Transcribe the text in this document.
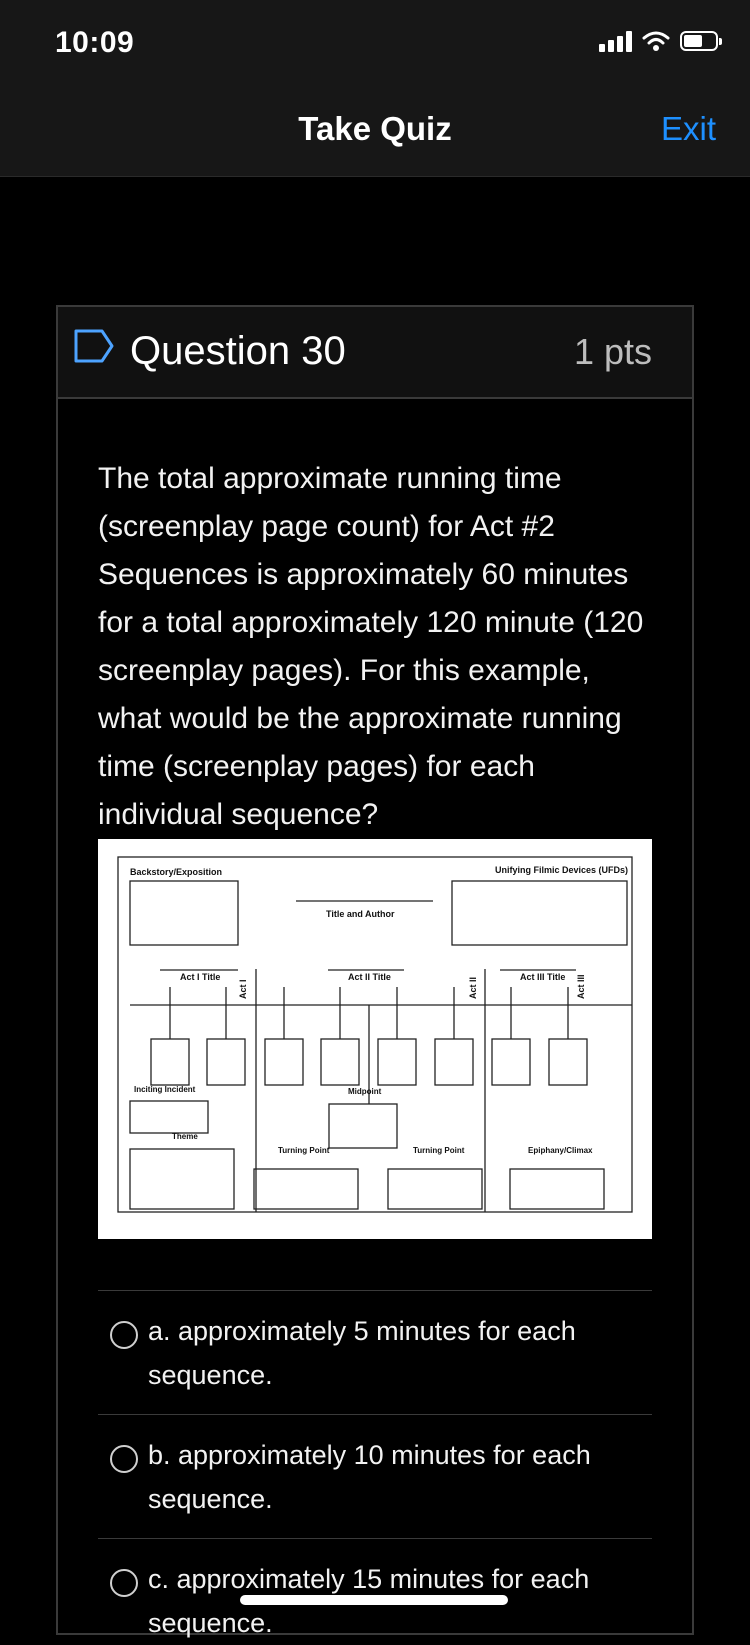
10:09
Take Quiz	Exit
Question 30	1 pts
The total approximate running time (screenplay page count) for Act #2 Sequences is approximately 60 minutes for a total approximately 120 minute (120 screenplay pages). For this example, what would be the approximate running time (screenplay pages) for each individual sequence?
Backstory/Exposition	Unifying Filmic Devices (UFDs)
Title and Author
Act I Title	Act II Title	Act III Title
Act I	Act II	Act III
Inciting Incident	Midpoint
Theme
Turning Point	Turning Point	Epiphany/Climax
a. approximately 5 minutes for each sequence.
b. approximately 10 minutes for each sequence.
c. approximately 15 minutes for each sequence.
